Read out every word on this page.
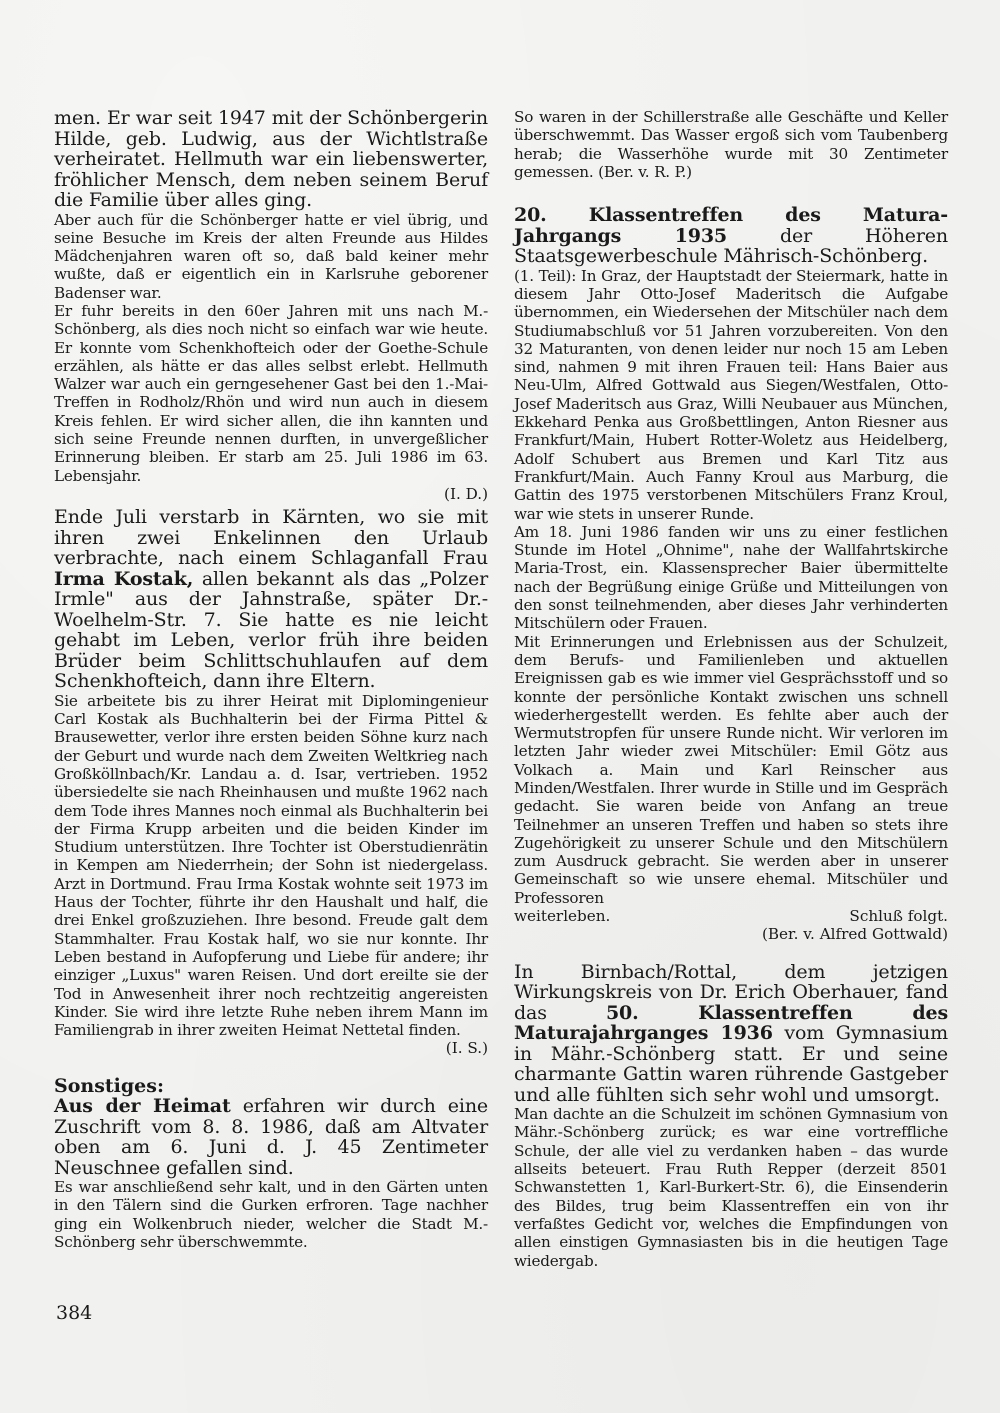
men. Er war seit 1947 mit der Schönbergerin Hilde, geb. Ludwig, aus der Wichtlstraße verheiratet. Hellmuth war ein liebenswerter, fröhlicher Mensch, dem neben seinem Beruf die Familie über alles ging.

Aber auch für die Schönberger hatte er viel übrig, und seine Besuche im Kreis der alten Freunde aus Hildes Mädchenjahren waren oft so, daß bald keiner mehr wußte, daß er eigentlich ein in Karlsruhe geborener Badenser war.

Er fuhr bereits in den 60er Jahren mit uns nach M.-Schönberg, als dies noch nicht so einfach war wie heute. Er konnte vom Schenkhofteich oder der Goethe-Schule erzählen, als hätte er das alles selbst erlebt. Hellmuth Walzer war auch ein gerngesehener Gast bei den 1.-Mai-Treffen in Rodholz/Rhön und wird nun auch in diesem Kreis fehlen. Er wird sicher allen, die ihn kannten und sich seine Freunde nennen durften, in unvergeßlicher Erinnerung bleiben. Er starb am 25. Juli 1986 im 63. Lebensjahr.

(I. D.)

Ende Juli verstarb in Kärnten, wo sie mit ihren zwei Enkelinnen den Urlaub verbrachte, nach einem Schlaganfall Frau Irma Kostak, allen bekannt als das „Polzer Irmle" aus der Jahnstraße, später Dr.-Woelhelm-Str. 7. Sie hatte es nie leicht gehabt im Leben, verlor früh ihre beiden Brüder beim Schlittschuhlaufen auf dem Schenkhofteich, dann ihre Eltern.

Sie arbeitete bis zu ihrer Heirat mit Diplomingenieur Carl Kostak als Buchhalterin bei der Firma Pittel & Brausewetter, verlor ihre ersten beiden Söhne kurz nach der Geburt und wurde nach dem Zweiten Weltkrieg nach Großköllnbach/Kr. Landau a. d. Isar, vertrieben. 1952 übersiedelte sie nach Rheinhausen und mußte 1962 nach dem Tode ihres Mannes noch einmal als Buchhalterin bei der Firma Krupp arbeiten und die beiden Kinder im Studium unterstützen. Ihre Tochter ist Oberstudienrätin in Kempen am Niederrhein; der Sohn ist niedergelass. Arzt in Dortmund. Frau Irma Kostak wohnte seit 1973 im Haus der Tochter, führte ihr den Haushalt und half, die drei Enkel großzuziehen. Ihre besond. Freude galt dem Stammhalter. Frau Kostak half, wo sie nur konnte. Ihr Leben bestand in Aufopferung und Liebe für andere; ihr einziger „Luxus" waren Reisen. Und dort ereilte sie der Tod in Anwesenheit ihrer noch rechtzeitig angereisten Kinder. Sie wird ihre letzte Ruhe neben ihrem Mann im Familiengrab in ihrer zweiten Heimat Nettetal finden.

(I. S.)
Sonstiges:

Aus der Heimat erfahren wir durch eine Zuschrift vom 8. 8. 1986, daß am Altvater oben am 6. Juni d. J. 45 Zentimeter Neuschnee gefallen sind.

Es war anschließend sehr kalt, und in den Gärten unten in den Tälern sind die Gurken erfroren. Tage nachher ging ein Wolkenbruch nieder, welcher die Stadt M.-Schönberg sehr überschwemmte.

So waren in der Schillerstraße alle Geschäfte und Keller überschwemmt. Das Wasser ergoß sich vom Taubenberg herab; die Wasserhöhe wurde mit 30 Zentimeter gemessen. (Ber. v. R. P.)

20. Klassentreffen des Matura-Jahrgangs 1935 der Höheren Staatsgewerbeschule Mährisch-Schönberg.

(1. Teil): In Graz, der Hauptstadt der Steiermark, hatte in diesem Jahr Otto-Josef Maderitsch die Aufgabe übernommen, ein Wiedersehen der Mitschüler nach dem Studiumabschluß vor 51 Jahren vorzubereiten. Von den 32 Maturanten, von denen leider nur noch 15 am Leben sind, nahmen 9 mit ihren Frauen teil: Hans Baier aus Neu-Ulm, Alfred Gottwald aus Siegen/Westfalen, Otto-Josef Maderitsch aus Graz, Willi Neubauer aus München, Ekkehard Penka aus Großbettlingen, Anton Riesner aus Frankfurt/Main, Hubert Rotter-Woletz aus Heidelberg, Adolf Schubert aus Bremen und Karl Titz aus Frankfurt/Main. Auch Fanny Kroul aus Marburg, die Gattin des 1975 verstorbenen Mitschülers Franz Kroul, war wie stets in unserer Runde.

Am 18. Juni 1986 fanden wir uns zu einer festlichen Stunde im Hotel „Ohnime", nahe der Wallfahrtskirche Maria-Trost, ein. Klassensprecher Baier übermittelte nach der Begrüßung einige Grüße und Mitteilungen von den sonst teilnehmenden, aber dieses Jahr verhinderten Mitschülern oder Frauen.

Mit Erinnerungen und Erlebnissen aus der Schulzeit, dem Berufs- und Familienleben und aktuellen Ereignissen gab es wie immer viel Gesprächsstoff und so konnte der persönliche Kontakt zwischen uns schnell wiederhergestellt werden. Es fehlte aber auch der Wermutstropfen für unsere Runde nicht. Wir verloren im letzten Jahr wieder zwei Mitschüler: Emil Götz aus Volkach a. Main und Karl Reinscher aus Minden/Westfalen. Ihrer wurde in Stille und im Gespräch gedacht. Sie waren beide von Anfang an treue Teilnehmer an unseren Treffen und haben so stets ihre Zugehörigkeit zu unserer Schule und den Mitschülern zum Ausdruck gebracht. Sie werden aber in unserer Gemeinschaft so wie unsere ehemal. Mitschüler und Professoren

weiterleben.	Schluß folgt.
(Ber. v. Alfred Gottwald)

In Birnbach/Rottal, dem jetzigen Wirkungskreis von Dr. Erich Oberhauer, fand das 50. Klassentreffen des Maturajahrganges 1936 vom Gymnasium in Mähr.-Schönberg statt. Er und seine charmante Gattin waren rührende Gastgeber und alle fühlten sich sehr wohl und umsorgt.

Man dachte an die Schulzeit im schönen Gymnasium von Mähr.-Schönberg zurück; es war eine vortreffliche Schule, der alle viel zu verdanken haben – das wurde allseits beteuert. Frau Ruth Repper (derzeit 8501 Schwanstetten 1, Karl-Burkert-Str. 6), die Einsenderin des Bildes, trug beim Klassentreffen ein von ihr verfaßtes Gedicht vor, welches die Empfindungen von allen einstigen Gymnasiasten bis in die heutigen Tage wiedergab.

384
